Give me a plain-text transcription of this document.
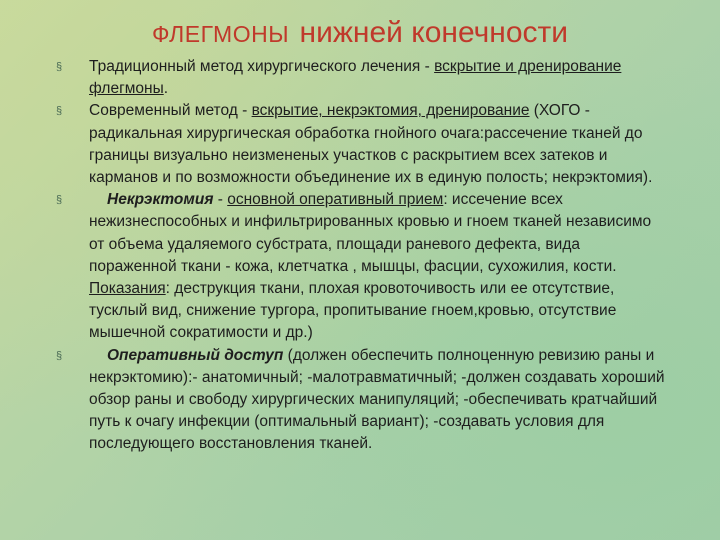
ФЛЕГМОНЫ нижней конечности
§ Традиционный метод хирургического лечения - вскрытие и дренирование флегмоны.
§ Современный метод - вскрытие, некрэктомия, дренирование (ХОГО - радикальная хирургическая обработка гнойного очага:рассечение тканей до границы визуально неизмененых участков с раскрытием всех затеков и карманов и по возможности объединение их в единую полость; некрэктомия).
§	Некрэктомия - основной оперативный прием: иссечение всех нежизнеспособных и инфильтрированных кровью и гноем тканей независимо от объема удаляемого субстрата, площади раневого дефекта, вида пораженной ткани - кожа, клетчатка , мышцы, фасции, сухожилия, кости. Показания: деструкция ткани, плохая кровоточивость или ее отсутствие, тусклый вид, снижение тургора, пропитывание гноем,кровью, отсутствие мышечной сократимости и др.)
§	Оперативный доступ (должен обеспечить полноценную ревизию раны и некрэктомию):- анатомичный; -малотравматичный; -должен создавать хороший обзор раны и свободу хирургических манипуляций; -обеспечивать кратчайший путь к очагу инфекции (оптимальный вариант); -создавать условия для последующего восстановления тканей.
